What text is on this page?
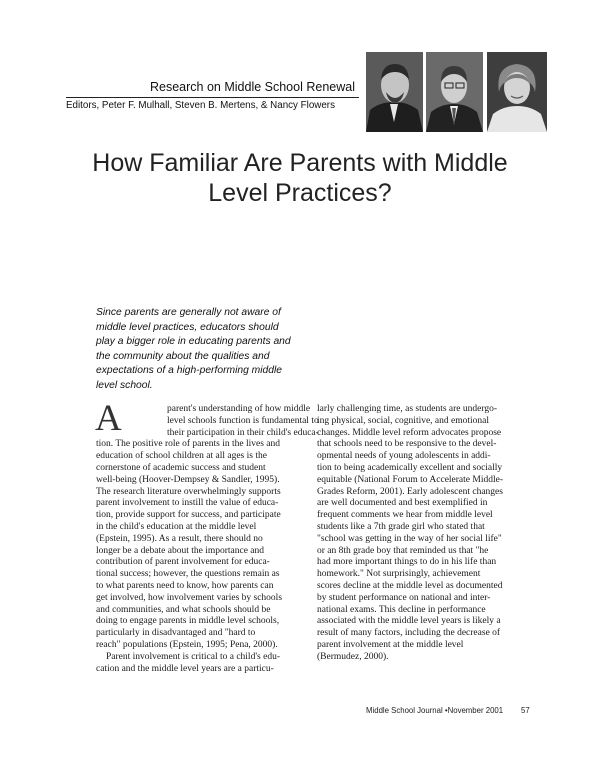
Research on Middle School Renewal
Editors, Peter F. Mulhall, Steven B. Mertens, & Nancy Flowers
How Familiar Are Parents with Middle
Level Practices?
Since parents are generally not aware of
middle level practices, educators should
play a bigger role in educating parents and
the community about the qualities and
expectations of a high-performing middle
level school.
A	parent's understanding of how middle
level schools function is fundamental to
their participation in their child's educa-
tion. The positive role of parents in the lives and
education of school children at all ages is the
cornerstone of academic success and student
well-being (Hoover-Dempsey & Sandler, 1995).
The research literature overwhelmingly supports
parent involvement to instill the value of educa-
tion, provide support for success, and participate
in the child's education at the middle level
(Epstein, 1995). As a result, there should no
longer be a debate about the importance and
contribution of parent involvement for educa-
tional success; however, the questions remain as
to what parents need to know, how parents can
get involved, how involvement varies by schools
and communities, and what schools should be
doing to engage parents in middle level schools,
particularly in disadvantaged and "hard to
reach" populations (Epstein, 1995; Pena, 2000).
Parent involvement is critical to a child's edu-
cation and the middle level years are a particu-
larly challenging time, as students are undergo-
ing physical, social, cognitive, and emotional
changes. Middle level reform advocates propose
that schools need to be responsive to the devel-
opmental needs of young adolescents in addi-
tion to being academically excellent and socially
equitable (National Forum to Accelerate Middle-
Grades Reform, 2001). Early adolescent changes
are well documented and best exemplified in
frequent comments we hear from middle level
students like a 7th grade girl who stated that
"school was getting in the way of her social life"
or an 8th grade boy that reminded us that "he
had more important things to do in his life than
homework." Not surprisingly, achievement
scores decline at the middle level as documented
by student performance on national and inter-
national exams. This decline in performance
associated with the middle level years is likely a
result of many factors, including the decrease of
parent involvement at the middle level
(Bermudez, 2000).
Middle School Journal •November 2001 57
